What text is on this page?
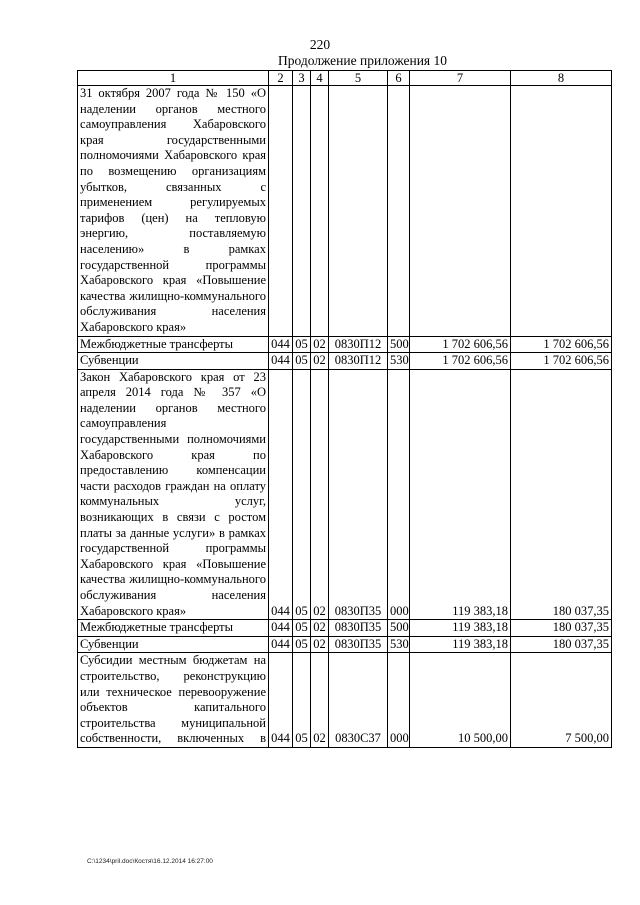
220
Продолжение приложения 10
1	2	3	4	5	6	7	8
31 октября 2007 года № 150 «О наделении органов местного самоуправления Хабаровского края государственными полномочиями Хабаровского края по возмещению организациям убытков, связанных с применением регулируемых тарифов (цен) на тепловую энергию, поставляемую населению» в рамках государственной программы Хабаровского края «Повышение качества жилищно-коммунального обслуживания населения Хабаровского края»							
Межбюджетные трансферты	044	05	02	0830П12	500	1 702 606,56	1 702 606,56
Субвенции	044	05	02	0830П12	530	1 702 606,56	1 702 606,56
Закон Хабаровского края от 23 апреля 2014 года № 357 «О наделении органов местного самоуправления государственными полномочиями Хабаровского края по предоставлению компенсации части расходов граждан на оплату коммунальных услуг, возникающих в связи с ростом платы за данные услуги» в рамках государственной программы Хабаровского края «Повышение качества жилищно-коммунального обслуживания населения Хабаровского края»	044	05	02	0830П35	000	119 383,18	180 037,35
Межбюджетные трансферты	044	05	02	0830П35	500	119 383,18	180 037,35
Субвенции	044	05	02	0830П35	530	119 383,18	180 037,35
Субсидии местным бюджетам на строительство, реконструкцию или техническое перевооружение объектов капитального строительства муниципальной собственности, включенных в	044	05	02	0830С37	000	10 500,00	7 500,00
C:\1234\pril.doc\Костя\16.12.2014 16:27:00
